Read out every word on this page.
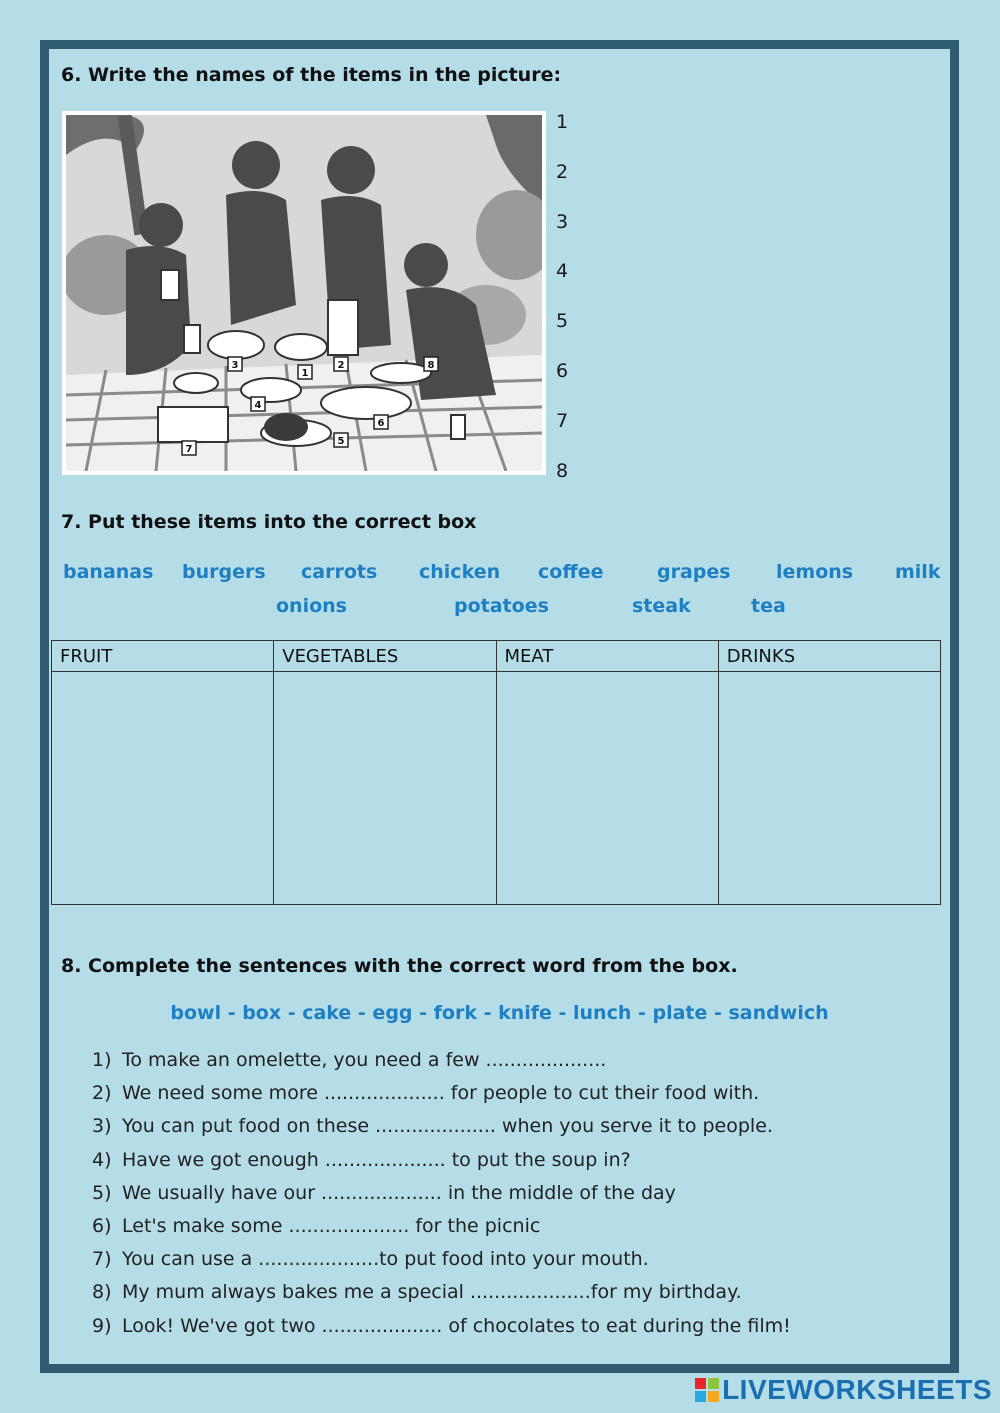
6. Write the names of the items in the picture:
1
2
3
4
5
6
7
8
1
2
3
4
5
6
7
8
7. Put these items into the correct box
bananas burgers carrots chicken coffee	grapes lemons milk
onions	potatoes	steak	tea
FRUIT	VEGETABLES	MEAT	DRINKS

8. Complete the sentences with the correct word from the box.
bowl - box - cake - egg - fork - knife - lunch - plate - sandwich
1) To make an omelette, you need a few ....................
2) We need some more .................... for people to cut their food with.
3) You can put food on these .................... when you serve it to people.
4) Have we got enough .................... to put the soup in?
5) We usually have our .................... in the middle of the day
6) Let's make some .................... for the picnic
7) You can use a ....................to put food into your mouth.
8) My mum always bakes me a special ....................for my birthday.
9) Look! We've got two .................... of chocolates to eat during the film!
LIVEWORKSHEETS
